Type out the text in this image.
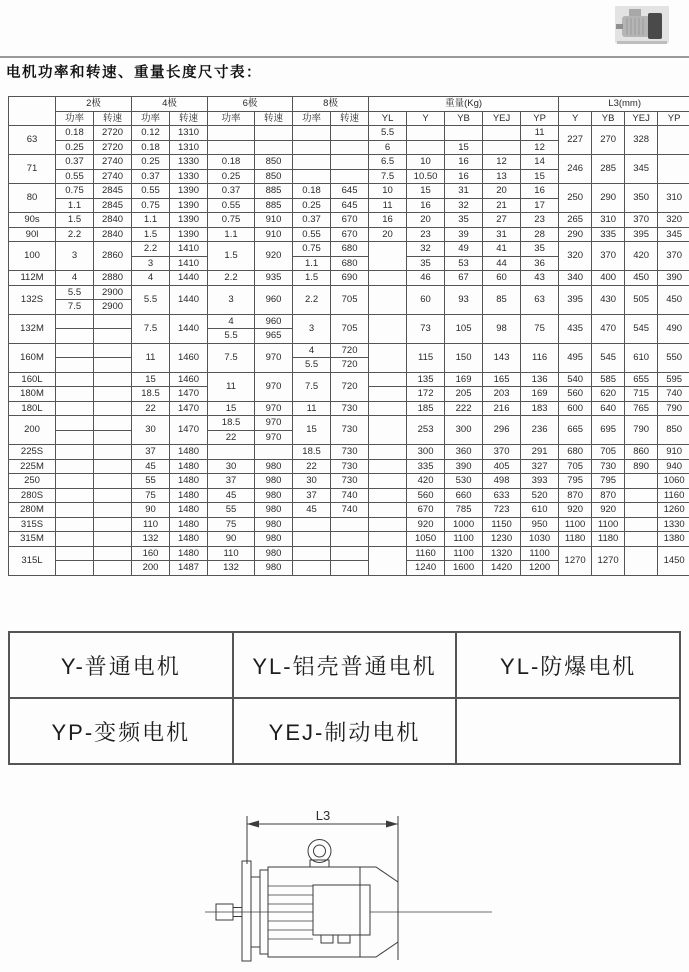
电机功率和转速、重量长度尺寸表：
	2极		4极		6极		8极		重量(Kg)					L3(mm)			
	功率	转速	功率	转速	功率	转速	功率	转速	YL	Y	YB	YEJ	YP	Y	YB	YEJ	YP
63	0.18	2720	0.12	1310					5.5				11	227	270	328	
	0.25	2720	0.18	1310					6		15		12				
71	0.37	2740	0.25	1330	0.18	850			6.5	10	16	12	14	246	285	345	
	0.55	2740	0.37	1330	0.25	850			7.5	10.50	16	13	15				
80	0.75	2845	0.55	1390	0.37	885	0.18	645	10	15	31	20	16	250	290	350	310
	1.1	2845	0.75	1390	0.55	885	0.25	645	11	16	32	21	17				
90s	1.5	2840	1.1	1390	0.75	910	0.37	670	16	20	35	27	23	265	310	370	320
90l	2.2	2840	1.5	1390	1.1	910	0.55	670	20	23	39	31	28	290	335	395	345
100	3	2860	2.2	1410	1.5	920	0.75	680		32	49	41	35	320	370	420	370
			3	1410			1.1	680		35	53	44	36				
112M	4	2880	4	1440	2.2	935	1.5	690		46	67	60	43	340	400	450	390
132S	5.5	2900	5.5	1440	3	960	2.2	705		60	93	85	63	395	430	505	450
	7.5	2900															
132M			7.5	1440	4	960	3	705		73	105	98	75	435	470	545	490
					5.5	965											
160M			11	1460	7.5	970	4	720		115	150	143	116	495	545	610	550
							5.5	720									
160L			15	1460	11	970	7.5	720		135	169	165	136	540	585	655	595
180M			18.5	1470						172	205	203	169	560	620	715	740
180L			22	1470	15	970	11	730		185	222	216	183	600	640	765	790
200			30	1470	18.5	970	15	730		253	300	296	236	665	695	790	850
					22	970											
225S			37	1480			18.5	730		300	360	370	291	680	705	860	910
225M			45	1480	30	980	22	730		335	390	405	327	705	730	890	940
250			55	1480	37	980	30	730		420	530	498	393	795	795		1060
280S			75	1480	45	980	37	740		560	660	633	520	870	870		1160
280M			90	1480	55	980	45	740		670	785	723	610	920	920		1260
315S			110	1480	75	980				920	1000	1150	950	1100	1100		1330
315M			132	1480	90	980				1050	1100	1230	1030	1180	1180		1380
315L			160	1480	110	980				1160	1100	1320	1100	1270	1270		1450
			200	1487	132	980				1240	1600	1420	1200				
Y-普通电机	YL-铝壳普通电机	YL-防爆电机
YP-变频电机	YEJ-制动电机	
L3
